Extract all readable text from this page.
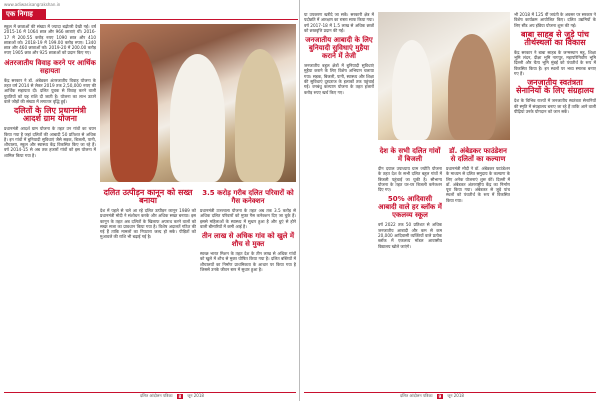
www.adiwasisangrakshan.in
एक निगाह

स्कूल में छात्राओं की संख्या में ज्यादा बढ़ोतरी देखी गई। वर्ष 2015-16 में 1064 छात्र और 966 छात्राएं थीं। 2016-17 में 200.55 करोड़ रुपए 1090 छात्र और 410 छात्राओं को। 2018-19 में 199.00 करोड़ रुपए। 1340 छात्र और 460 छात्राओं को। 2019-20 में 200.00 करोड़ रुपए 1905 छात्र और 925 छात्राओं को प्रदान किए गए।

अंतरजातीय विवाह करने पर आर्थिक सहायता

केंद्र सरकार ने डॉ. अंबेडकर अंतरजातीय विवाह योजना के तहत वर्ष 2014 से लेकर 2019 तक 2,50,000 रुपए की आर्थिक सहायता दी। दलित युवक से विवाह करने वाली युवतियों को यह राशि दी जाती है। योजना का लाभ उठाने वाले जोड़ों की संख्या में लगातार वृद्धि हुई।

दलितों के लिए प्रधानमंत्री आदर्श ग्राम योजना

प्रधानमंत्री आदर्श ग्राम योजना के तहत उन गांवों का चयन किया गया है जहां दलितों की आबादी 50 प्रतिशत से अधिक है। इन गांवों में बुनियादी सुविधाएं जैसे सड़क, बिजली, पानी, शौचालय, स्कूल और स्वास्थ्य केंद्र विकसित किए जा रहे हैं। वर्ष 2014-15 से अब तक हजारों गांवों को इस योजना में शामिल किया गया है।

दलित उत्पीड़न कानून को सख्त बनाया

देश में पहले से चले आ रहे दलित उत्पीड़न कानून 1989 को प्रधानमंत्री मोदी ने संशोधन करके और अधिक सख्त बनाया। इस कानून के तहत अब दलितों के खिलाफ अपराध करने वालों को सख्त सजा का प्रावधान किया गया है। विशेष अदालतें गठित की गई हैं ताकि मामलों का निपटारा जल्द हो सके। पीड़ितों को मुआवजे की राशि भी बढ़ाई गई है।

3.5 करोड़ गरीब दलित परिवारों को गैस कनेक्शन

प्रधानमंत्री उज्ज्वला योजना के तहत अब तक 3.5 करोड़ से अधिक दलित परिवारों को मुफ्त गैस कनेक्शन दिए जा चुके हैं। इससे महिलाओं के स्वास्थ्य में सुधार हुआ है और धुएं से होने वाली बीमारियों में कमी आई है।

तीन लाख से अधिक गांव को खुले में शौच से मुक्त

स्वच्छ भारत मिशन के तहत देश के तीन लाख से अधिक गांवों को खुले में शौच से मुक्त घोषित किया गया है। दलित बस्तियों में शौचालयों का निर्माण प्राथमिकता के आधार पर किया गया है जिससे उनके जीवन स्तर में सुधार हुआ है।

दलित आंदोलन पत्रिका	8	जून 2018

या उपकरण खरीदे जा सकें। सरकारी क्षेत्र में पदोन्नति में आरक्षण का रास्ता साफ किया गया। वर्ष 2017-18 में 1.5 लाख से अधिक छात्रों को छात्रवृत्ति प्रदान की गई।

जनजातीय आबादी के लिए बुनियादी सुविधाएं मुहैया कराने में तेजी

जनजातीय बहुल क्षेत्रों में बुनियादी सुविधाएं मुहैया कराने के लिए विशेष अभियान चलाया गया। सड़क, बिजली, पानी, स्वास्थ्य और शिक्षा की सुविधाएं दूरदराज के इलाकों तक पहुंचाई गईं। वनबंधु कल्याण योजना के तहत हजारों करोड़ रुपए खर्च किए गए।

देश के सभी दलित गांवों में बिजली

दीन दयाल उपाध्याय ग्राम ज्योति योजना के तहत देश के सभी दलित बहुल गांवों में बिजली पहुंचाई जा चुकी है। सौभाग्य योजना के तहत घर-घर बिजली कनेक्शन दिए गए।

50% आदिवासी आबादी वाले हर ब्लॉक में एकलव्य स्कूल

वर्ष 2022 तक 50 प्रतिशत से अधिक जनजातीय आबादी और कम से कम 20,000 आदिवासी व्यक्तियों वाले प्रत्येक ब्लॉक में एकलव्य मॉडल आवासीय विद्यालय खोले जाएंगे।

डॉ. अंबेडकर फाउंडेशन से दलितों का कल्याण

प्रधानमंत्री मोदी ने डॉ. अंबेडकर फाउंडेशन के माध्यम से दलित समुदाय के कल्याण के लिए अनेक योजनाएं शुरू कीं। दिल्ली में डॉ. अंबेडकर अंतरराष्ट्रीय केंद्र का निर्माण पूरा किया गया। अंबेडकर से जुड़े पांच स्थलों को पंचतीर्थ के रूप में विकसित किया गया।

भी 2018 में 125 वीं जयंती के अवसर पर सरकार ने विशेष कार्यक्रम आयोजित किए। दलित उद्यमियों के लिए स्टैंड अप इंडिया योजना शुरू की गई।

बाबा साहब से जुड़े पांच तीर्थस्थलों का विकास

केंद्र सरकार ने बाबा साहब के जन्मस्थान महू, शिक्षा भूमि लंदन, दीक्षा भूमि नागपुर, महापरिनिर्वाण भूमि दिल्ली और चैत्य भूमि मुंबई को पंचतीर्थ के रूप में विकसित किया है। इन स्थलों पर भव्य स्मारक बनाए गए हैं।

जनजातीय स्वतंत्रता सेनानियों के लिए संग्रहालय

देश के विभिन्न राज्यों में जनजातीय स्वतंत्रता सेनानियों की स्मृति में संग्रहालय बनाए जा रहे हैं ताकि आने वाली पीढ़ियां उनके योगदान को जान सकें।

दलित आंदोलन पत्रिका	9	जून 2018
